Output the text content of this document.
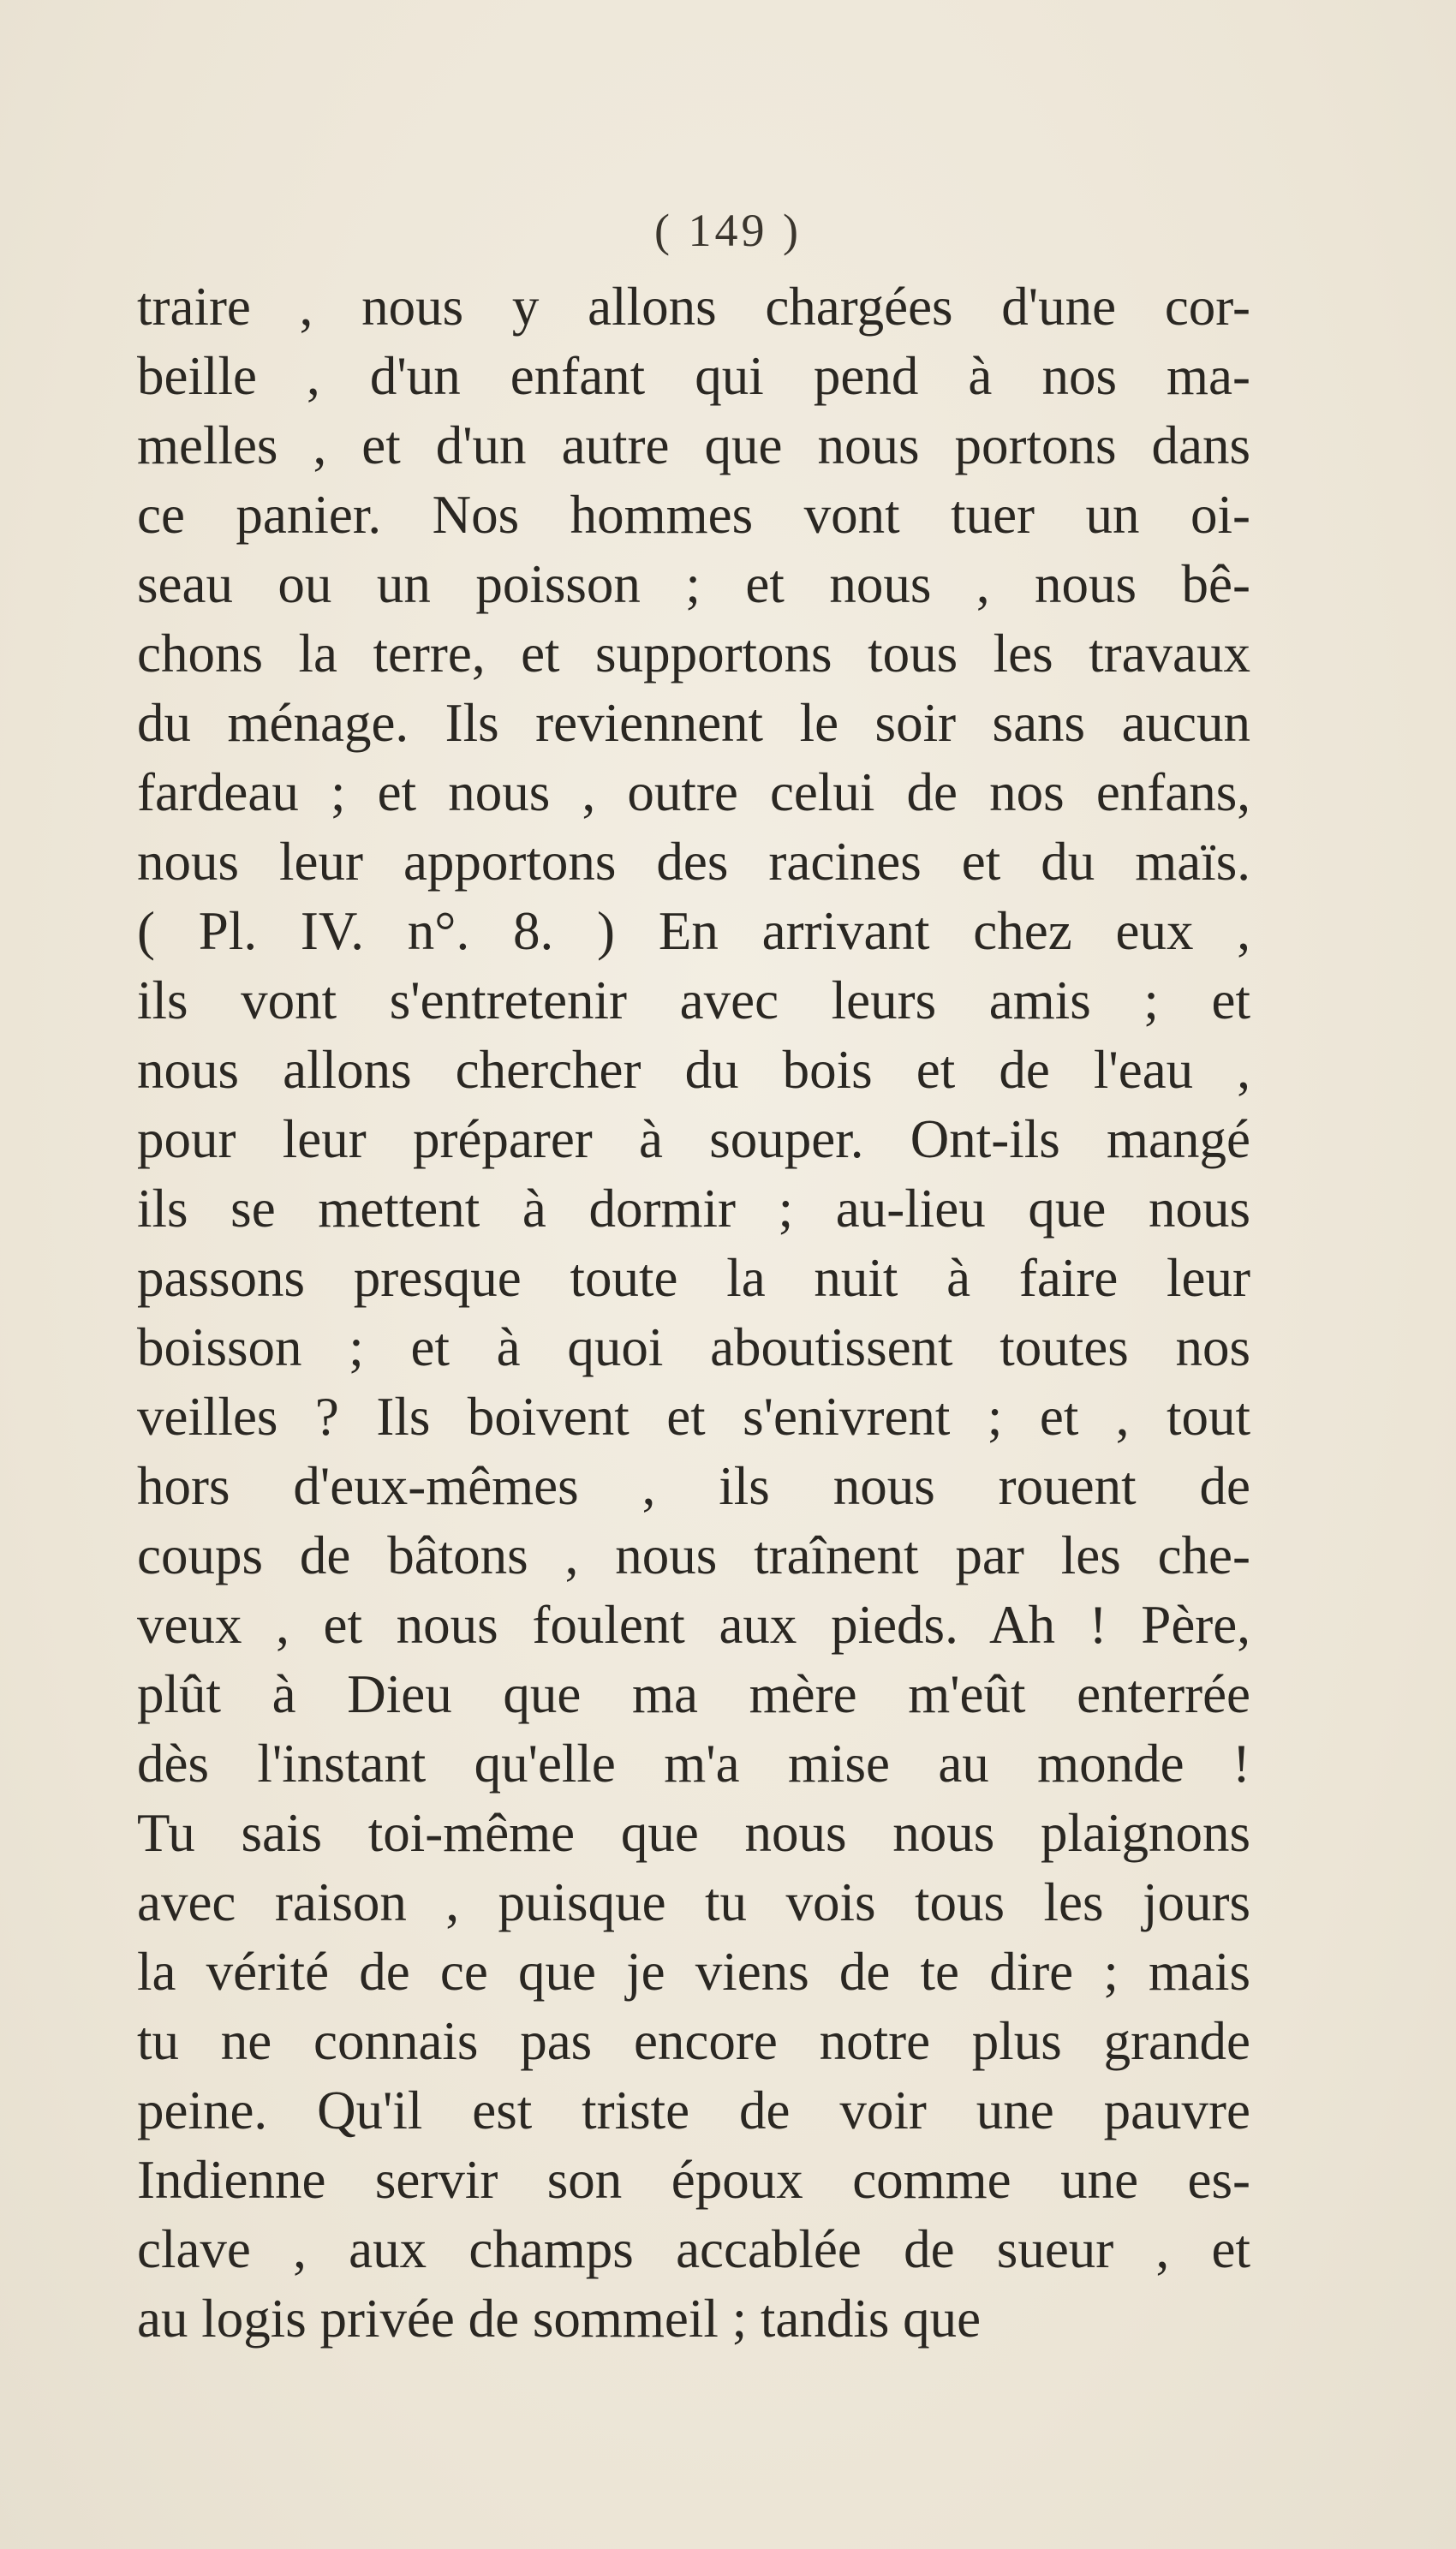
( 149 )
traire , nous y allons chargées d'une cor-
beille , d'un enfant qui pend à nos ma-
melles , et d'un autre que nous portons dans
ce panier. Nos hommes vont tuer un oi-
seau ou un poisson ; et nous , nous bê-
chons la terre, et supportons tous les travaux
du ménage. Ils reviennent le soir sans aucun
fardeau ; et nous , outre celui de nos enfans,
nous leur apportons des racines et du maïs.
( Pl. IV. n°. 8. ) En arrivant chez eux ,
ils vont s'entretenir avec leurs amis ; et
nous allons chercher du bois et de l'eau ,
pour leur préparer à souper. Ont-ils mangé
ils se mettent à dormir ; au-lieu que nous
passons presque toute la nuit à faire leur
boisson ; et à quoi aboutissent toutes nos
veilles ? Ils boivent et s'enivrent ; et , tout
hors d'eux-mêmes , ils nous rouent de
coups de bâtons , nous traînent par les che-
veux , et nous foulent aux pieds. Ah ! Père,
plût à Dieu que ma mère m'eût enterrée
dès l'instant qu'elle m'a mise au monde !
Tu sais toi-même que nous nous plaignons
avec raison , puisque tu vois tous les jours
la vérité de ce que je viens de te dire ; mais
tu ne connais pas encore notre plus grande
peine. Qu'il est triste de voir une pauvre
Indienne servir son époux comme une es-
clave , aux champs accablée de sueur , et
au logis privée de sommeil ; tandis que
